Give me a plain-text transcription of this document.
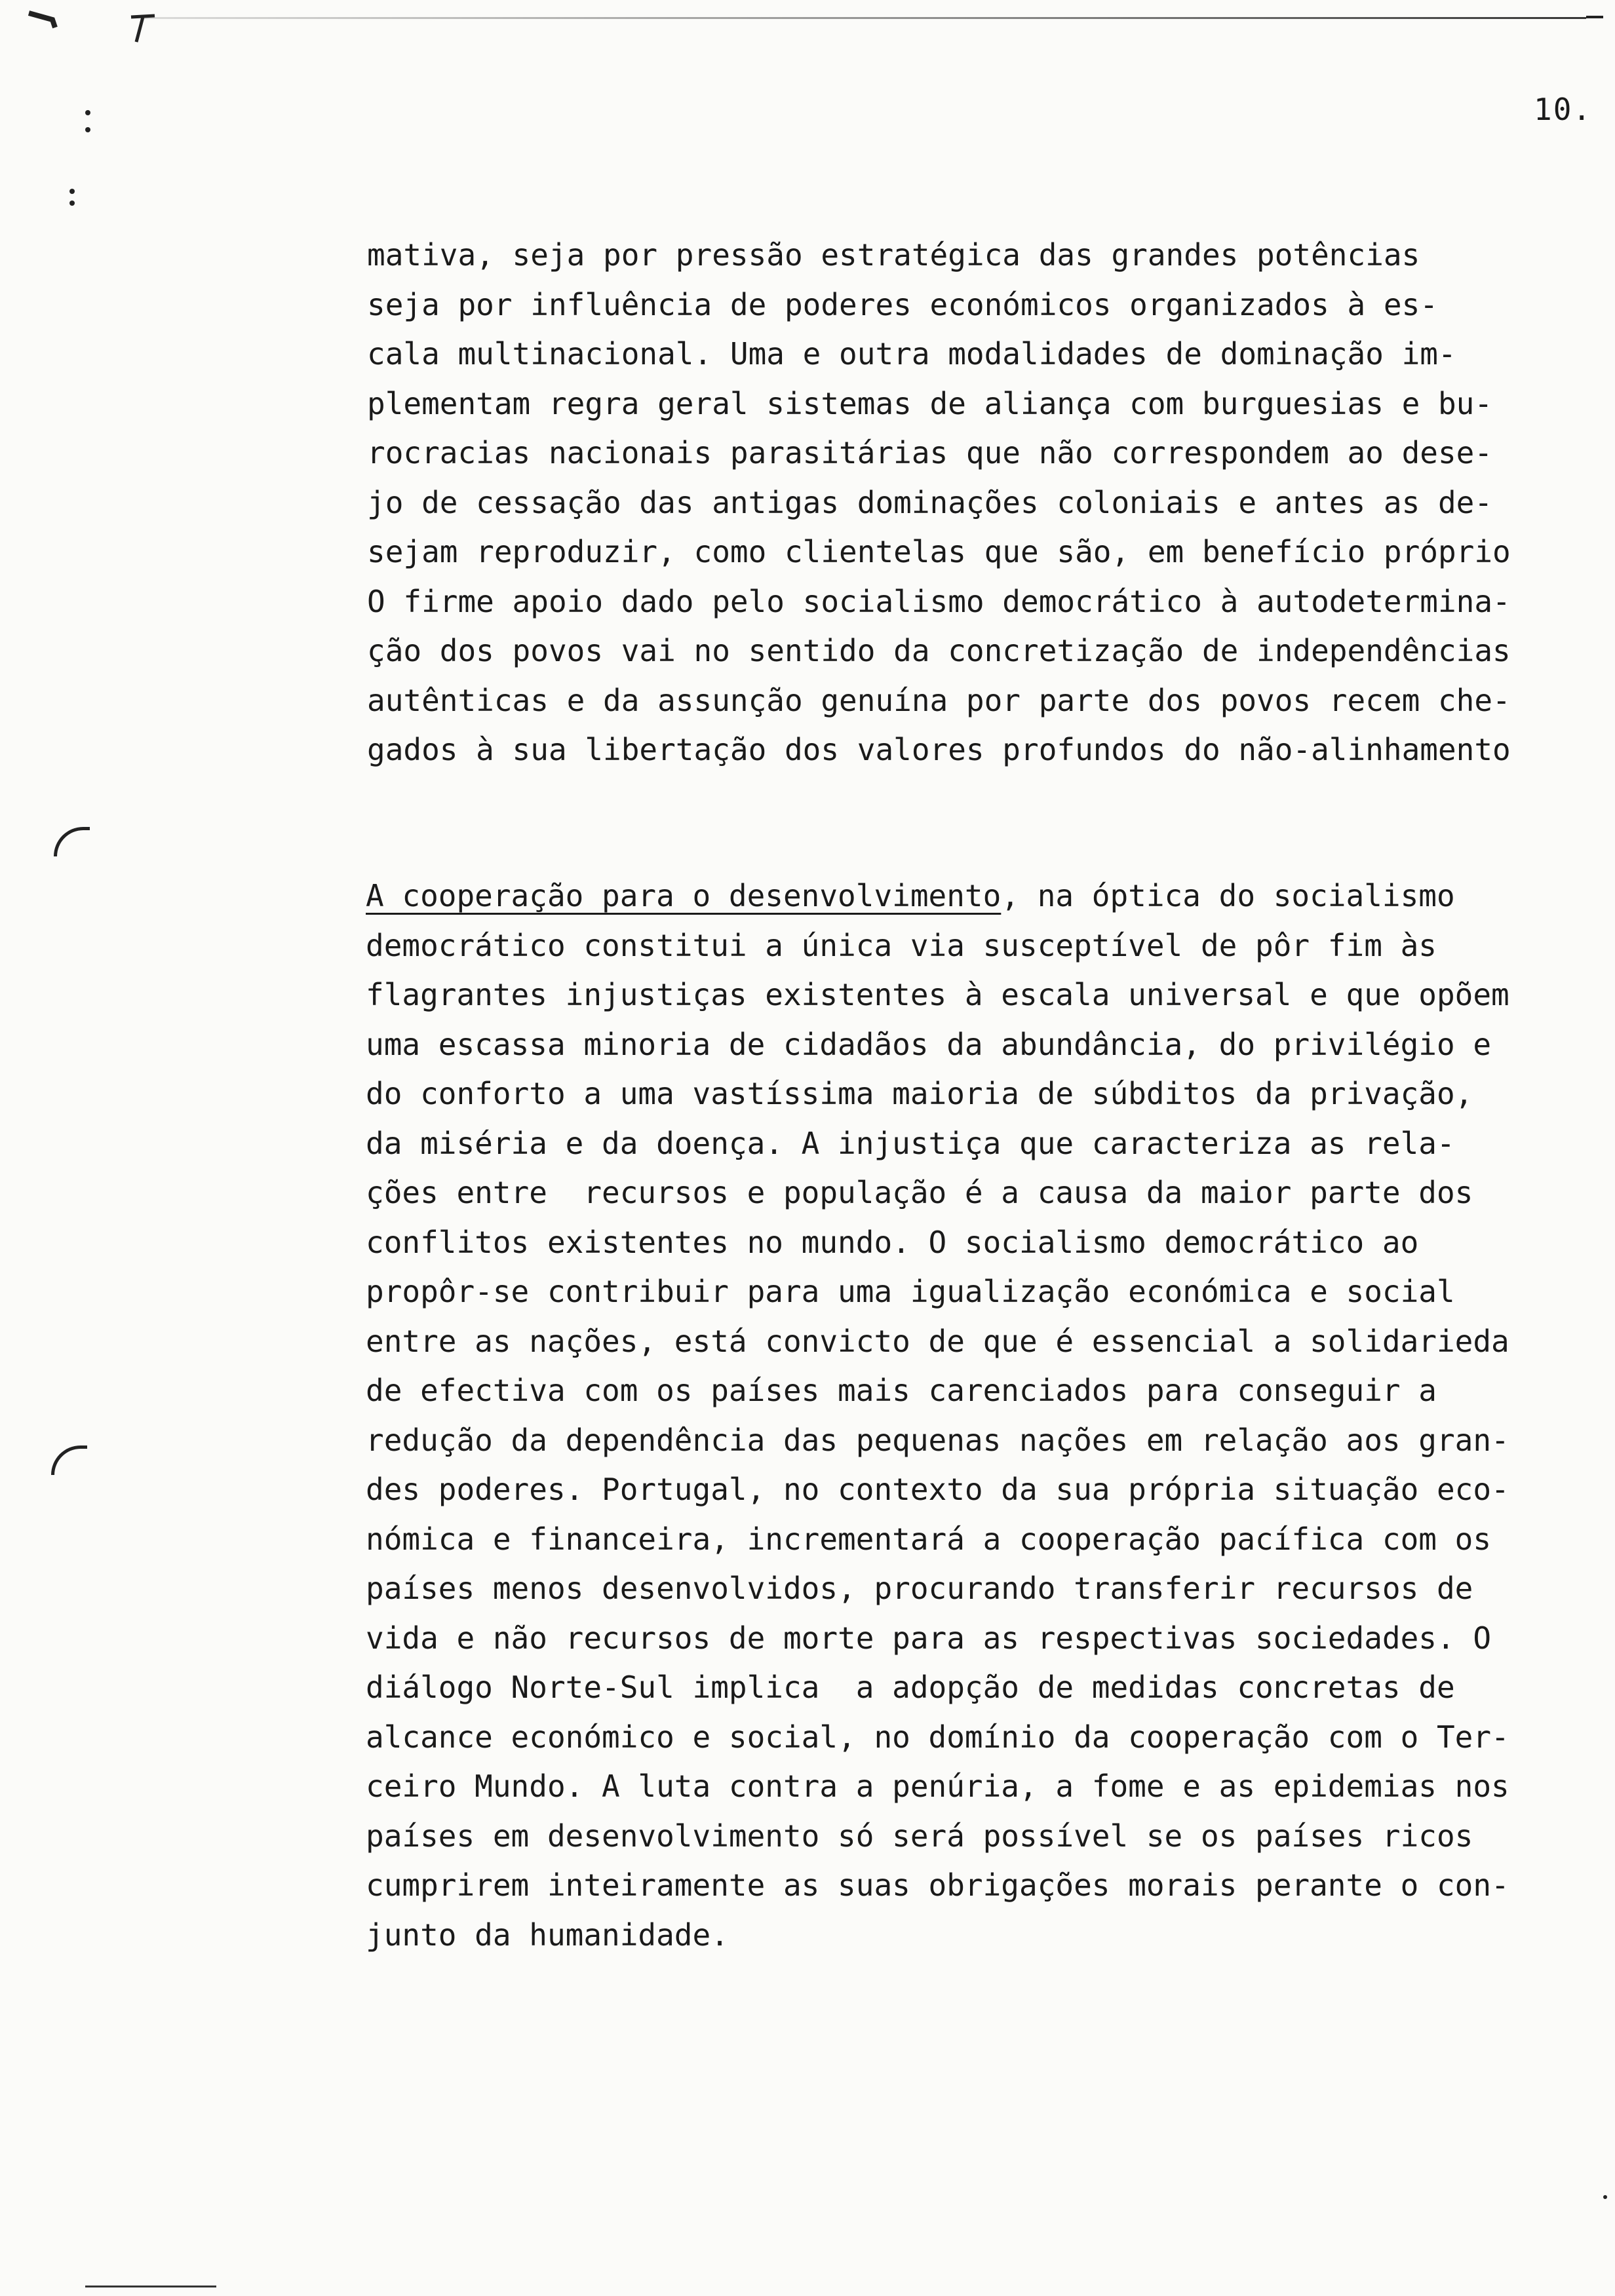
10.
mativa, seja por pressão estratégica das grandes potências
seja por influência de poderes económicos organizados à es-
cala multinacional. Uma e outra modalidades de dominação im-
plementam regra geral sistemas de aliança com burguesias e bu-
rocracias nacionais parasitárias que não correspondem ao dese-
jo de cessação das antigas dominações coloniais e antes as de-
sejam reproduzir, como clientelas que são, em benefício próprio
O firme apoio dado pelo socialismo democrático à autodetermina-
ção dos povos vai no sentido da concretização de independências
autênticas e da assunção genuína por parte dos povos recem che-
gados à sua libertação dos valores profundos do não-alinhamento
A cooperação para o desenvolvimento, na óptica do socialismo
democrático constitui a única via susceptível de pôr fim às
flagrantes injustiças existentes à escala universal e que opõem
uma escassa minoria de cidadãos da abundância, do privilégio e
do conforto a uma vastíssima maioria de súbditos da privação,
da miséria e da doença. A injustiça que caracteriza as rela-
ções entre  recursos e população é a causa da maior parte dos
conflitos existentes no mundo. O socialismo democrático ao
propôr-se contribuir para uma igualização económica e social
entre as nações, está convicto de que é essencial a solidarieda
de efectiva com os países mais carenciados para conseguir a
redução da dependência das pequenas nações em relação aos gran-
des poderes. Portugal, no contexto da sua própria situação eco-
nómica e financeira, incrementará a cooperação pacífica com os
países menos desenvolvidos, procurando transferir recursos de
vida e não recursos de morte para as respectivas sociedades. O
diálogo Norte-Sul implica  a adopção de medidas concretas de
alcance económico e social, no domínio da cooperação com o Ter-
ceiro Mundo. A luta contra a penúria, a fome e as epidemias nos
países em desenvolvimento só será possível se os países ricos
cumprirem inteiramente as suas obrigações morais perante o con-
junto da humanidade.
